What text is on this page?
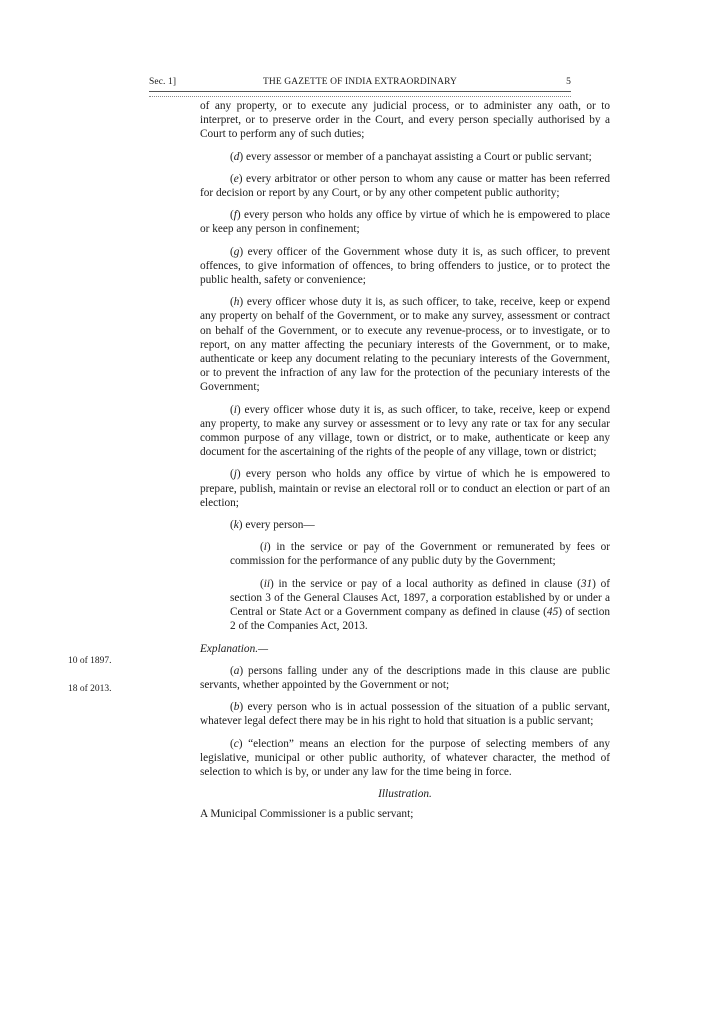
Sec. 1]	THE GAZETTE OF INDIA EXTRAORDINARY	5
10 of 1897.
18 of 2013.

of any property, or to execute any judicial process, or to administer any oath, or to interpret, or to preserve order in the Court, and every person specially authorised by a Court to perform any of such duties;

(d) every assessor or member of a panchayat assisting a Court or public servant;

(e) every arbitrator or other person to whom any cause or matter has been referred for decision or report by any Court, or by any other competent public authority;

(f) every person who holds any office by virtue of which he is empowered to place or keep any person in confinement;

(g) every officer of the Government whose duty it is, as such officer, to prevent offences, to give information of offences, to bring offenders to justice, or to protect the public health, safety or convenience;

(h) every officer whose duty it is, as such officer, to take, receive, keep or expend any property on behalf of the Government, or to make any survey, assessment or contract on behalf of the Government, or to execute any revenue-process, or to investigate, or to report, on any matter affecting the pecuniary interests of the Government, or to make, authenticate or keep any document relating to the pecuniary interests of the Government, or to prevent the infraction of any law for the protection of the pecuniary interests of the Government;

(i) every officer whose duty it is, as such officer, to take, receive, keep or expend any property, to make any survey or assessment or to levy any rate or tax for any secular common purpose of any village, town or district, or to make, authenticate or keep any document for the ascertaining of the rights of the people of any village, town or district;

(j) every person who holds any office by virtue of which he is empowered to prepare, publish, maintain or revise an electoral roll or to conduct an election or part of an election;

(k) every person—

(i) in the service or pay of the Government or remunerated by fees or commission for the performance of any public duty by the Government;

(ii) in the service or pay of a local authority as defined in clause (31) of section 3 of the General Clauses Act, 1897, a corporation established by or under a Central or State Act or a Government company as defined in clause (45) of section 2 of the Companies Act, 2013.

Explanation.—

(a) persons falling under any of the descriptions made in this clause are public servants, whether appointed by the Government or not;

(b) every person who is in actual possession of the situation of a public servant, whatever legal defect there may be in his right to hold that situation is a public servant;

(c) “election” means an election for the purpose of selecting members of any legislative, municipal or other public authority, of whatever character, the method of selection to which is by, or under any law for the time being in force.

Illustration.

A Municipal Commissioner is a public servant;
